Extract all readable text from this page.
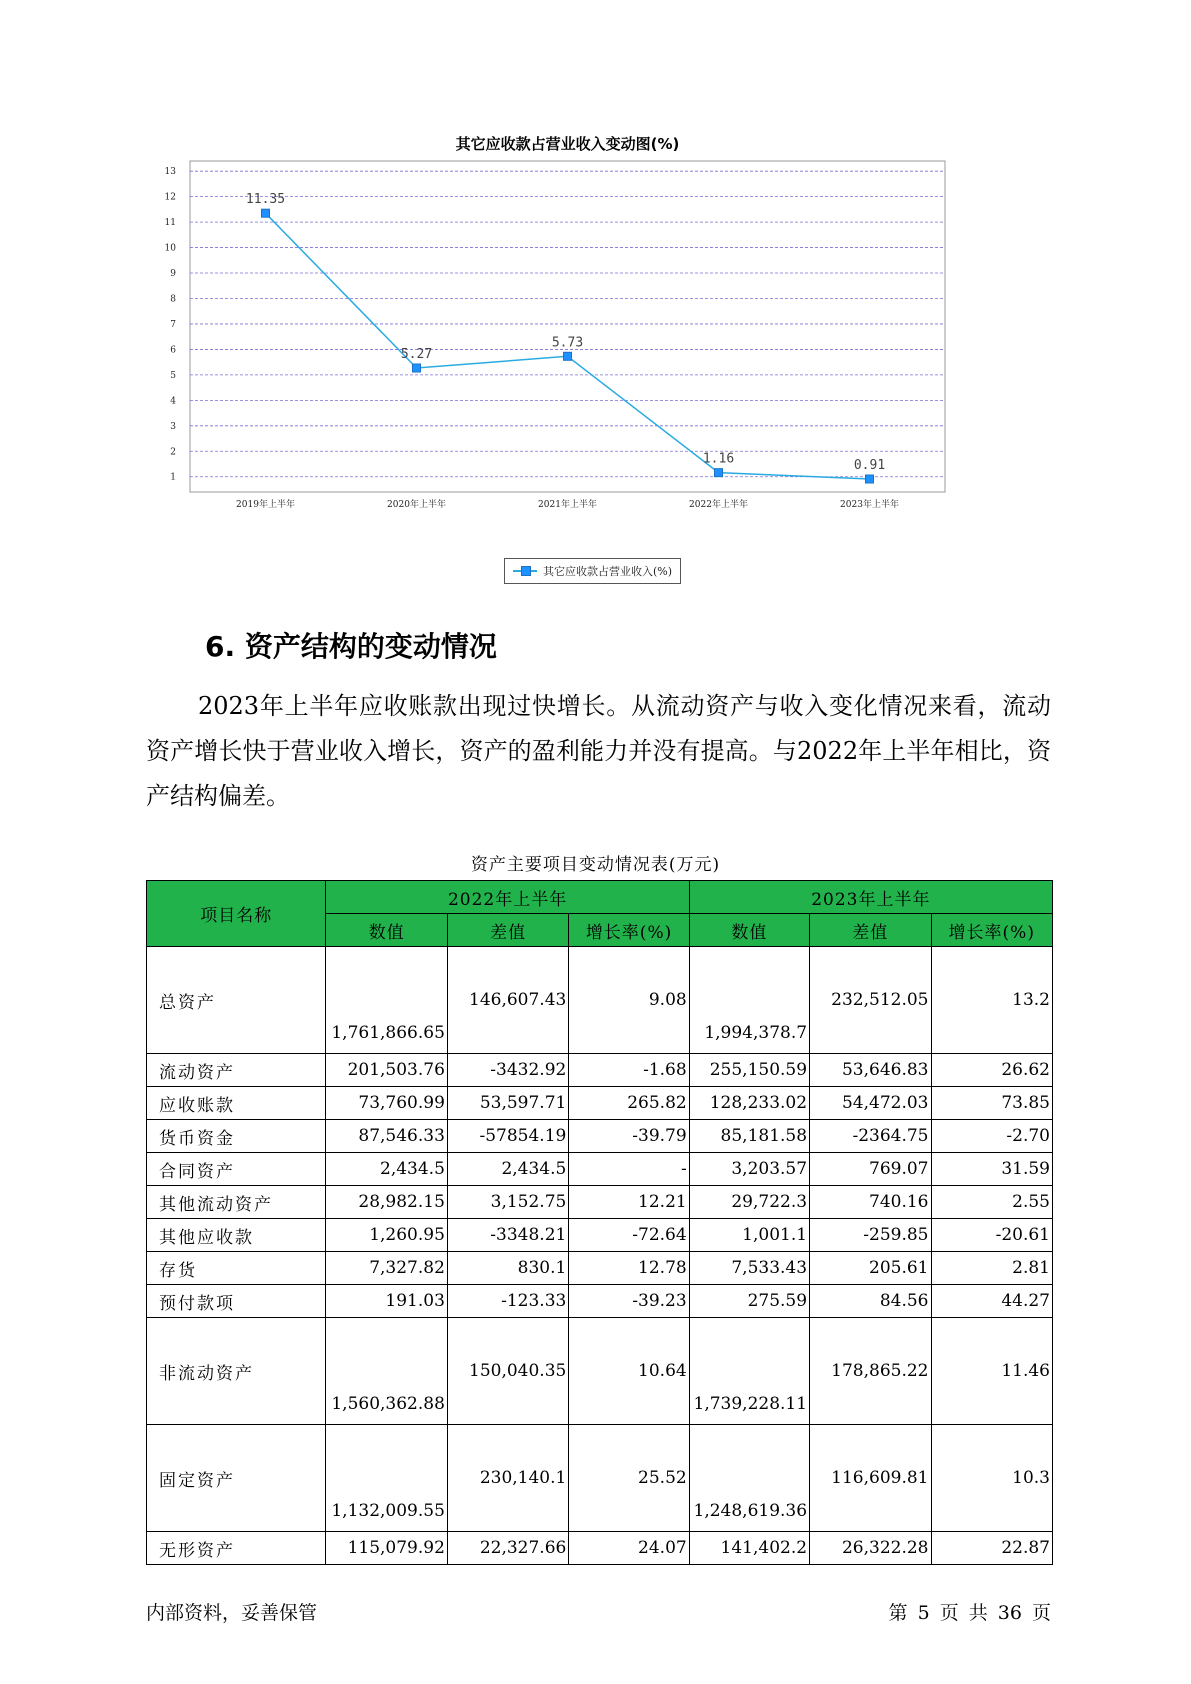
其它应收款占营业收入变动图(%)
1
2
3
4
5
6
7
8
9
10
11
12
13
2019年上半年	2020年上半年	2021年上半年	2022年上半年	2023年上半年
11.35
5.27
5.73
1.16	0.91
其它应收款占营业收入(%)
6. 资产结构的变动情况

2023年上半年应收账款出现过快增长。从流动资产与收入变化情况来看，流动资产增长快于营业收入增长，资产的盈利能力并没有提高。与2022年上半年相比，资产结构偏差。

资产主要项目变动情况表(万元)
项目名称	2022年上半年			2023年上半年		
	数值	差值	增长率(%)	数值	差值	增长率(%)
总资产	1,761,866.65	146,607.43	9.08	1,994,378.7	232,512.05	13.2
流动资产	201,503.76	-3432.92	-1.68	255,150.59	53,646.83	26.62
应收账款	73,760.99	53,597.71	265.82	128,233.02	54,472.03	73.85
货币资金	87,546.33	-57854.19	-39.79	85,181.58	-2364.75	-2.70
合同资产	2,434.5	2,434.5	-	3,203.57	769.07	31.59
其他流动资产	28,982.15	3,152.75	12.21	29,722.3	740.16	2.55
其他应收款	1,260.95	-3348.21	-72.64	1,001.1	-259.85	-20.61
存货	7,327.82	830.1	12.78	7,533.43	205.61	2.81
预付款项	191.03	-123.33	-39.23	275.59	84.56	44.27
非流动资产	1,560,362.88	150,040.35	10.64	1,739,228.11	178,865.22	11.46
固定资产	1,132,009.55	230,140.1	25.52	1,248,619.36	116,609.81	10.3
无形资产	115,079.92	22,327.66	24.07	141,402.2	26,322.28	22.87
内部资料，妥善保管	第 5 页 共 36 页
